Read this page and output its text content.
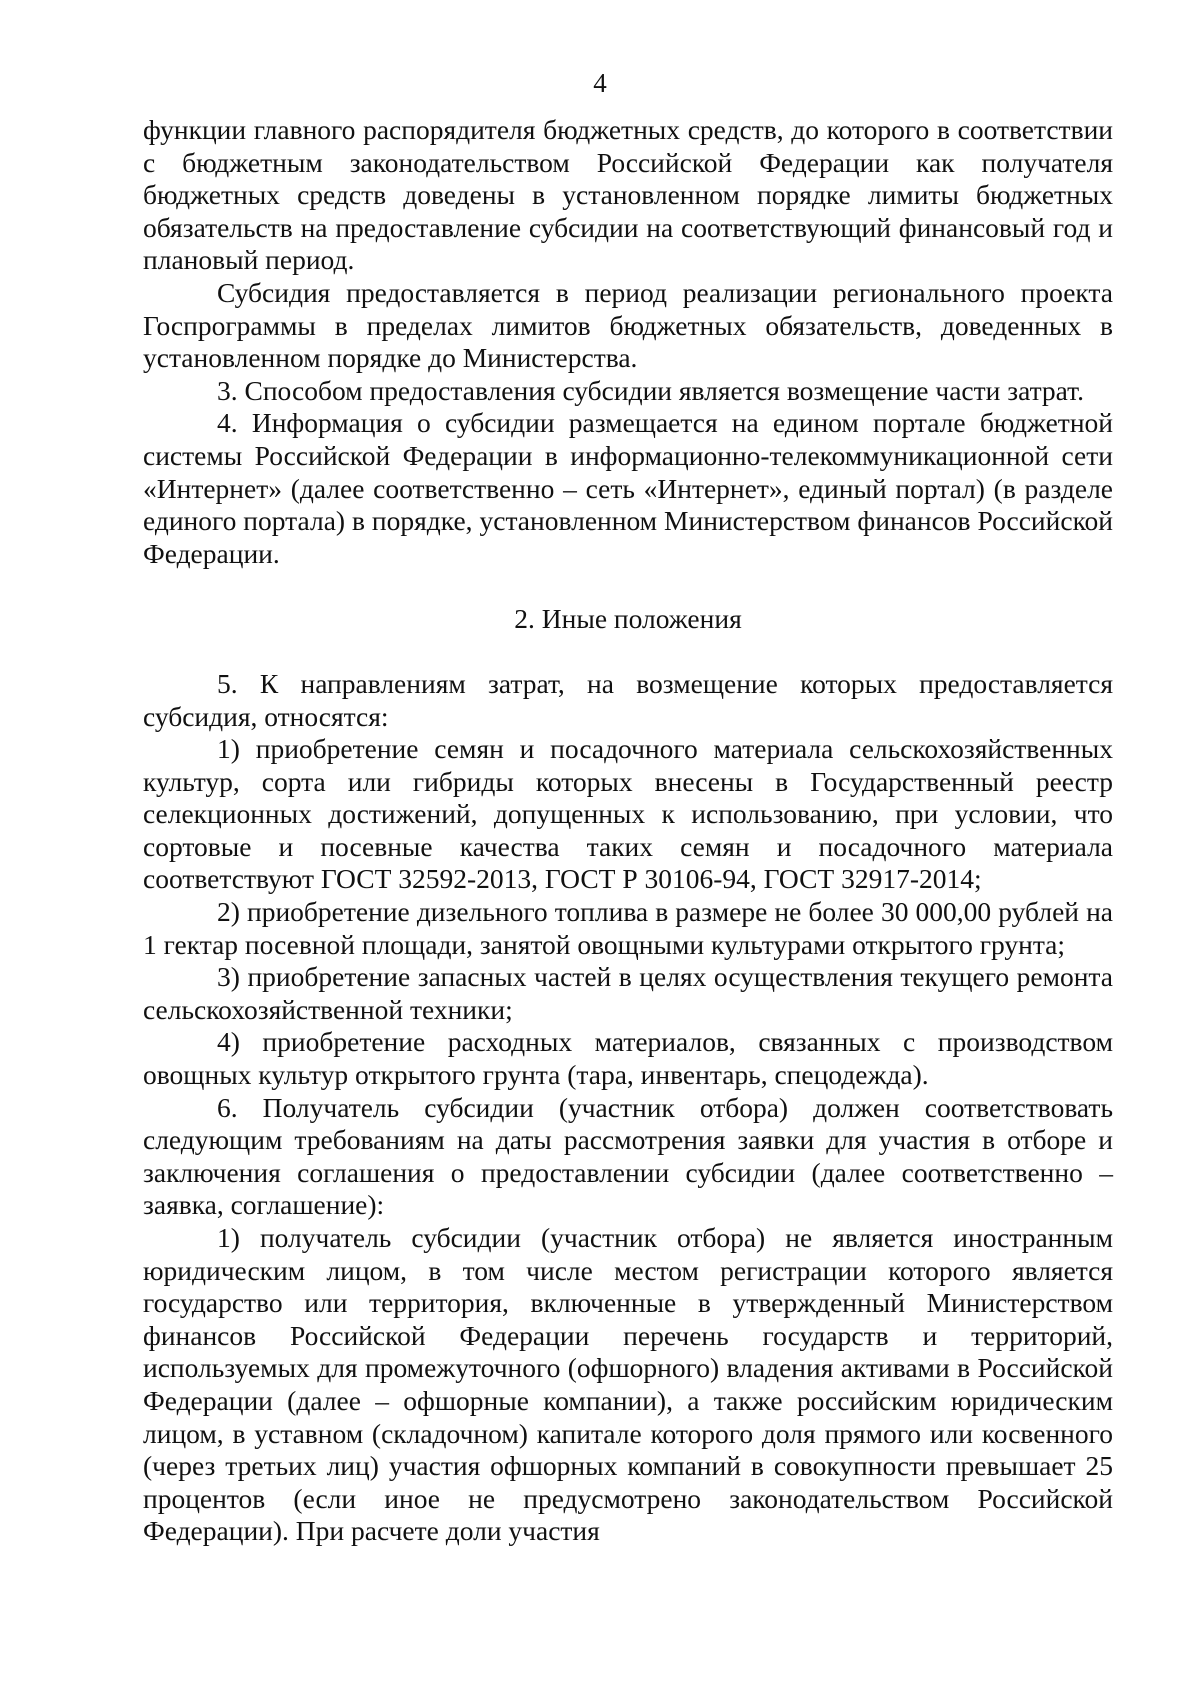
4

функции главного распорядителя бюджетных средств, до которого в соответствии с бюджетным законодательством Российской Федерации как получателя бюджетных средств доведены в установленном порядке лимиты бюджетных обязательств на предоставление субсидии на соответствующий финансовый год и плановый период.

Субсидия предоставляется в период реализации регионального проекта Госпрограммы в пределах лимитов бюджетных обязательств, доведенных в установленном порядке до Министерства.

3. Способом предоставления субсидии является возмещение части затрат.

4. Информация о субсидии размещается на едином портале бюджетной системы Российской Федерации в информационно-телекоммуникационной сети «Интернет» (далее соответственно – сеть «Интернет», единый портал) (в разделе единого портала) в порядке, установленном Министерством финансов Российской Федерации.

2. Иные положения

5. К направлениям затрат, на возмещение которых предоставляется субсидия, относятся:

1) приобретение семян и посадочного материала сельскохозяйственных культур, сорта или гибриды которых внесены в Государственный реестр селекционных достижений, допущенных к использованию, при условии, что сортовые и посевные качества таких семян и посадочного материала соответствуют ГОСТ 32592-2013, ГОСТ Р 30106-94, ГОСТ 32917-2014;

2) приобретение дизельного топлива в размере не более 30 000,00 рублей на 1 гектар посевной площади, занятой овощными культурами открытого грунта;

3) приобретение запасных частей в целях осуществления текущего ремонта сельскохозяйственной техники;

4) приобретение расходных материалов, связанных с производством овощных культур открытого грунта (тара, инвентарь, спецодежда).

6. Получатель субсидии (участник отбора) должен соответствовать следующим требованиям на даты рассмотрения заявки для участия в отборе и заключения соглашения о предоставлении субсидии (далее соответственно – заявка, соглашение):

1) получатель субсидии (участник отбора) не является иностранным юридическим лицом, в том числе местом регистрации которого является государство или территория, включенные в утвержденный Министерством финансов Российской Федерации перечень государств и территорий, используемых для промежуточного (офшорного) владения активами в Российской Федерации (далее – офшорные компании), а также российским юридическим лицом, в уставном (складочном) капитале которого доля прямого или косвенного (через третьих лиц) участия офшорных компаний в совокупности превышает 25 процентов (если иное не предусмотрено законодательством Российской Федерации). При расчете доли участия
